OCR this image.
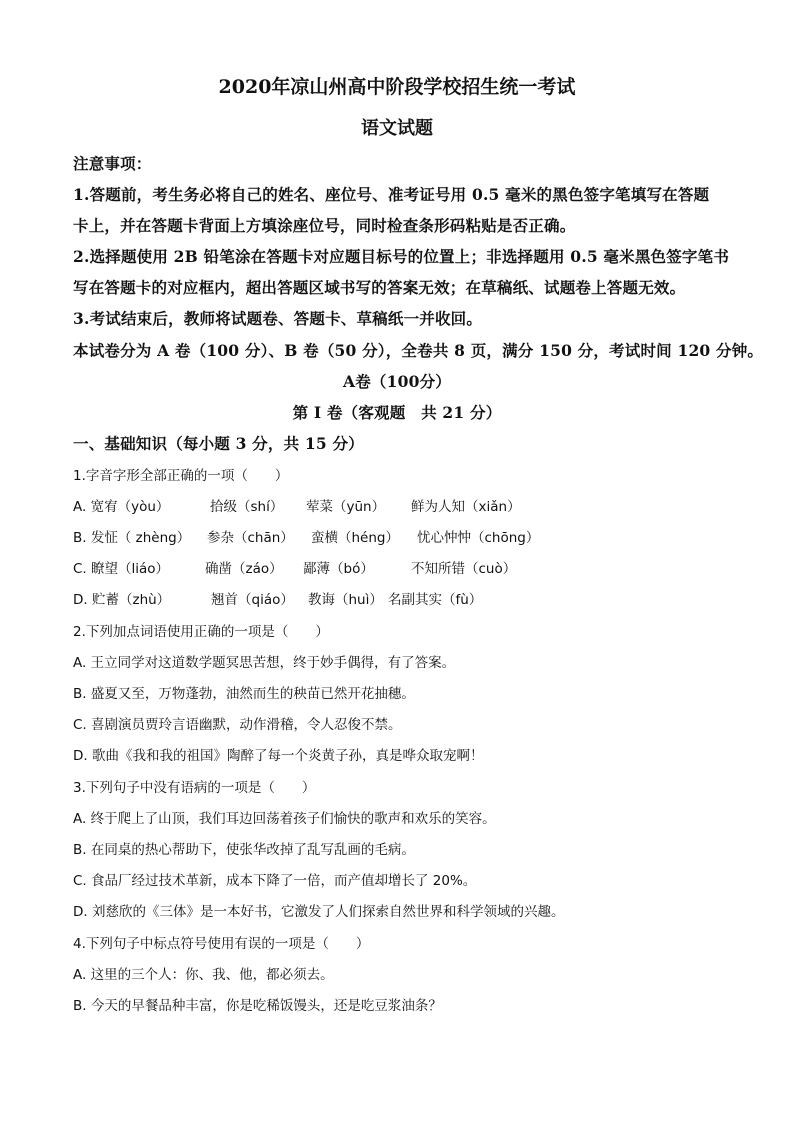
2020年凉山州高中阶段学校招生统一考试
语文试题
注意事项：
1.答题前，考生务必将自己的姓名、座位号、准考证号用 0.5 毫米的黑色签字笔填写在答题
卡上，并在答题卡背面上方填涂座位号，同时检查条形码粘贴是否正确。
2.选择题使用 2B 铅笔涂在答题卡对应题目标号的位置上；非选择题用 0.5 毫米黑色签字笔书
写在答题卡的对应框内，超出答题区域书写的答案无效；在草稿纸、试题卷上答题无效。
3.考试结束后，教师将试题卷、答题卡、草稿纸一并收回。
本试卷分为 A 卷（100 分）、B 卷（50 分），全卷共 8 页，满分 150 分，考试时间 120 分钟。
A卷（100分）
第 I 卷（客观题　共 21 分）
一、基础知识（每小题 3 分，共 15 分）
1.字音字形全部正确的一项（　　）
A. 宽宥（yòu）	拾级（shí） 荤菜（yūn） 鲜为人知（xiǎn）
B. 发怔（ zhèng） 参杂（chān） 蛮横（héng） 忧心忡忡（chōng）
C. 瞭望（liáo）	确凿（záo） 鄙薄（bó）	不知所错（cuò）
D. 贮蓄（zhù）	翘首（qiáo） 教诲（huì） 名副其实（fù）
2.下列加点词语使用正确的一项是（　　）
A. 王立同学对这道数学题冥思苦想，终于妙手偶得，有了答案。
B. 盛夏又至，万物蓬勃，油然而生的秧苗已然开花抽穗。
C. 喜剧演员贾玲言语幽默，动作滑稽，令人忍俊不禁。
D. 歌曲《我和我的祖国》陶醉了每一个炎黄子孙，真是哗众取宠啊！
3.下列句子中没有语病的一项是（　　）
A. 终于爬上了山顶，我们耳边回荡着孩子们愉快的歌声和欢乐的笑容。
B. 在同桌的热心帮助下，使张华改掉了乱写乱画的毛病。
C. 食品厂经过技术革新，成本下降了一倍，而产值却增长了 20%。
D. 刘慈欣的《三体》是一本好书，它激发了人们探索自然世界和科学领域的兴趣。
4.下列句子中标点符号使用有误的一项是（　　）
A. 这里的三个人：你、我、他，都必须去。
B. 今天的早餐品种丰富，你是吃稀饭馒头，还是吃豆浆油条？
